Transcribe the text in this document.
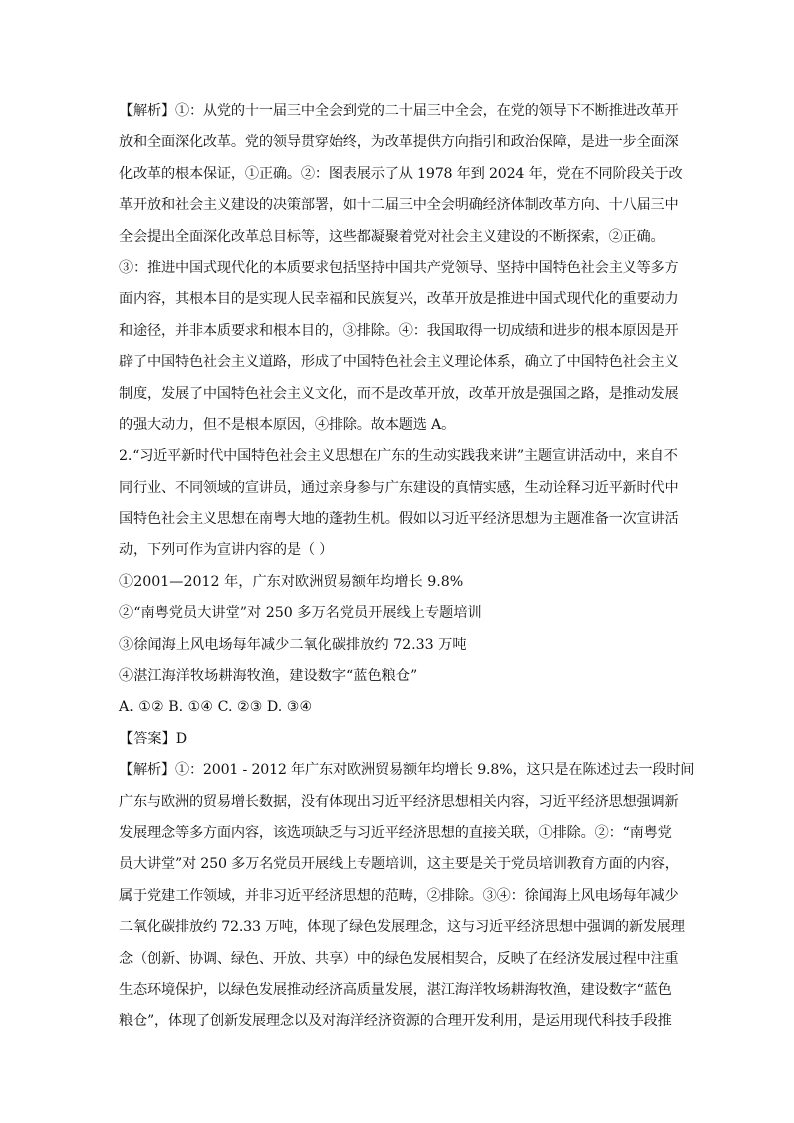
【解析】①：从党的十一届三中全会到党的二十届三中全会，在党的领导下不断推进改革开
放和全面深化改革。党的领导贯穿始终，为改革提供方向指引和政治保障，是进一步全面深
化改革的根本保证，①正确。②：图表展示了从 1978 年到 2024 年，党在不同阶段关于改
革开放和社会主义建设的决策部署，如十二届三中全会明确经济体制改革方向、十八届三中
全会提出全面深化改革总目标等，这些都凝聚着党对社会主义建设的不断探索，②正确。
③：推进中国式现代化的本质要求包括坚持中国共产党领导、坚持中国特色社会主义等多方
面内容，其根本目的是实现人民幸福和民族复兴，改革开放是推进中国式现代化的重要动力
和途径，并非本质要求和根本目的，③排除。④：我国取得一切成绩和进步的根本原因是开
辟了中国特色社会主义道路，形成了中国特色社会主义理论体系，确立了中国特色社会主义
制度，发展了中国特色社会主义文化，而不是改革开放，改革开放是强国之路，是推动发展
的强大动力，但不是根本原因，④排除。故本题选 A。
2.“习近平新时代中国特色社会主义思想在广东的生动实践我来讲”主题宣讲活动中，来自不
同行业、不同领域的宣讲员，通过亲身参与广东建设的真情实感，生动诠释习近平新时代中
国特色社会主义思想在南粤大地的蓬勃生机。假如以习近平经济思想为主题准备一次宣讲活
动，下列可作为宣讲内容的是（ ）
①2001—2012 年，广东对欧洲贸易额年均增长 9.8%
②“南粤党员大讲堂”对 250 多万名党员开展线上专题培训
③徐闻海上风电场每年减少二氧化碳排放约 72.33 万吨
④湛江海洋牧场耕海牧渔，建设数字“蓝色粮仓”
A. ①② B. ①④ C. ②③ D. ③④
【答案】D
【解析】①：2001 - 2012 年广东对欧洲贸易额年均增长 9.8%，这只是在陈述过去一段时间
广东与欧洲的贸易增长数据，没有体现出习近平经济思想相关内容，习近平经济思想强调新
发展理念等多方面内容，该选项缺乏与习近平经济思想的直接关联，①排除。②：“南粤党
员大讲堂”对 250 多万名党员开展线上专题培训，这主要是关于党员培训教育方面的内容，
属于党建工作领域，并非习近平经济思想的范畴，②排除。③④：徐闻海上风电场每年减少
二氧化碳排放约 72.33 万吨，体现了绿色发展理念，这与习近平经济思想中强调的新发展理
念（创新、协调、绿色、开放、共享）中的绿色发展相契合，反映了在经济发展过程中注重
生态环境保护，以绿色发展推动经济高质量发展，湛江海洋牧场耕海牧渔，建设数字“蓝色
粮仓”，体现了创新发展理念以及对海洋经济资源的合理开发利用，是运用现代科技手段推
